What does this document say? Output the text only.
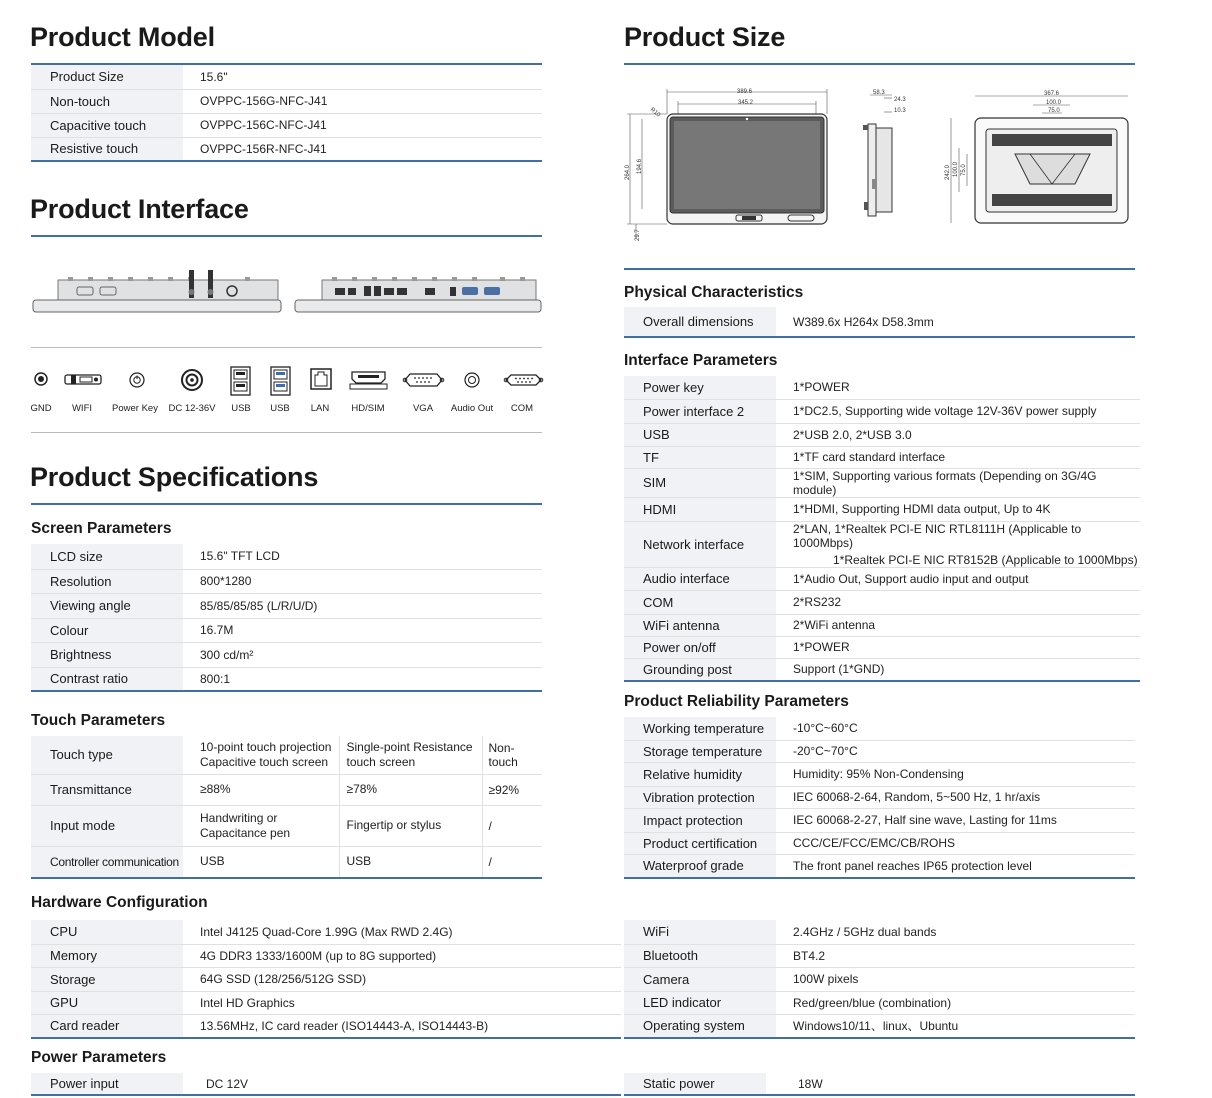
Product Model
Product Size	15.6"
Non-touch	OVPPC-156G-NFC-J41
Capacitive touch	OVPPC-156C-NFC-J41
Resistive touch	OVPPC-156R-NFC-J41
Product Interface
GND	WIFI	Power Key	DC 12-36V	USB	USB	LAN	HD/SIM	VGA	Audio Out	COM
Product Specifications
Screen Parameters
LCD size	15.6" TFT LCD
Resolution	800*1280
Viewing angle	85/85/85/85 (L/R/U/D)
Colour	16.7M
Brightness	300 cd/m²
Contrast ratio	800:1
Touch Parameters
Touch type	10-point touch projection Capacitive touch screen	Single-point Resistance touch screen	Non-touch
Transmittance	≥88%	≥78%	≥92%
Input mode	Handwriting or Capacitance pen	Fingertip or stylus	/
Controller communication	USB	USB	/
Hardware Configuration
CPU	Intel J4125 Quad-Core 1.99G (Max RWD 2.4G)
Memory	4G DDR3 1333/1600M (up to 8G supported)
Storage	64G SSD (128/256/512G SSD)
GPU	Intel HD Graphics
Card reader	13.56MHz, IC card reader (ISO14443-A, ISO14443-B)
WiFi	2.4GHz / 5GHz dual bands
Bluetooth	BT4.2
Camera	100W pixels
LED indicator	Red/green/blue (combination)
Operating system	Windows10/11、linux、Ubuntu
Power Parameters
Power input	DC 12V	Static power	18W
Product Size
389.6
345.2
R10
264.0 194.6
29.7
58.3
24.3
10.3
367.6
100.0
75.0
242.0 100.0 75.0
Physical Characteristics
Overall dimensions	W389.6x H264x D58.3mm
Interface Parameters
Power key	1*POWER
Power interface 2	1*DC2.5, Supporting wide voltage 12V-36V power supply
USB	2*USB 2.0, 2*USB 3.0
TF	1*TF card standard interface
SIM	1*SIM, Supporting various formats (Depending on 3G/4G module)
HDMI	1*HDMI, Supporting HDMI data output, Up to 4K
Network interface	2*LAN, 1*Realtek PCI-E NIC RTL8111H (Applicable to 1000Mbps)
1*Realtek PCI-E NIC RT8152B (Applicable to 1000Mbps)

Audio interface	1*Audio Out, Support audio input and output
COM	2*RS232
WiFi antenna	2*WiFi antenna
Power on/off	1*POWER
Grounding post	Support (1*GND)
Product Reliability Parameters
Working temperature	-10°C~60°C
Storage temperature	-20°C~70°C
Relative humidity	Humidity: 95% Non-Condensing
Vibration protection	IEC 60068-2-64, Random, 5~500 Hz, 1 hr/axis
Impact protection	IEC 60068-2-27, Half sine wave, Lasting for 11ms
Product certification	CCC/CE/FCC/EMC/CB/ROHS
Waterproof grade	The front panel reaches IP65 protection level
